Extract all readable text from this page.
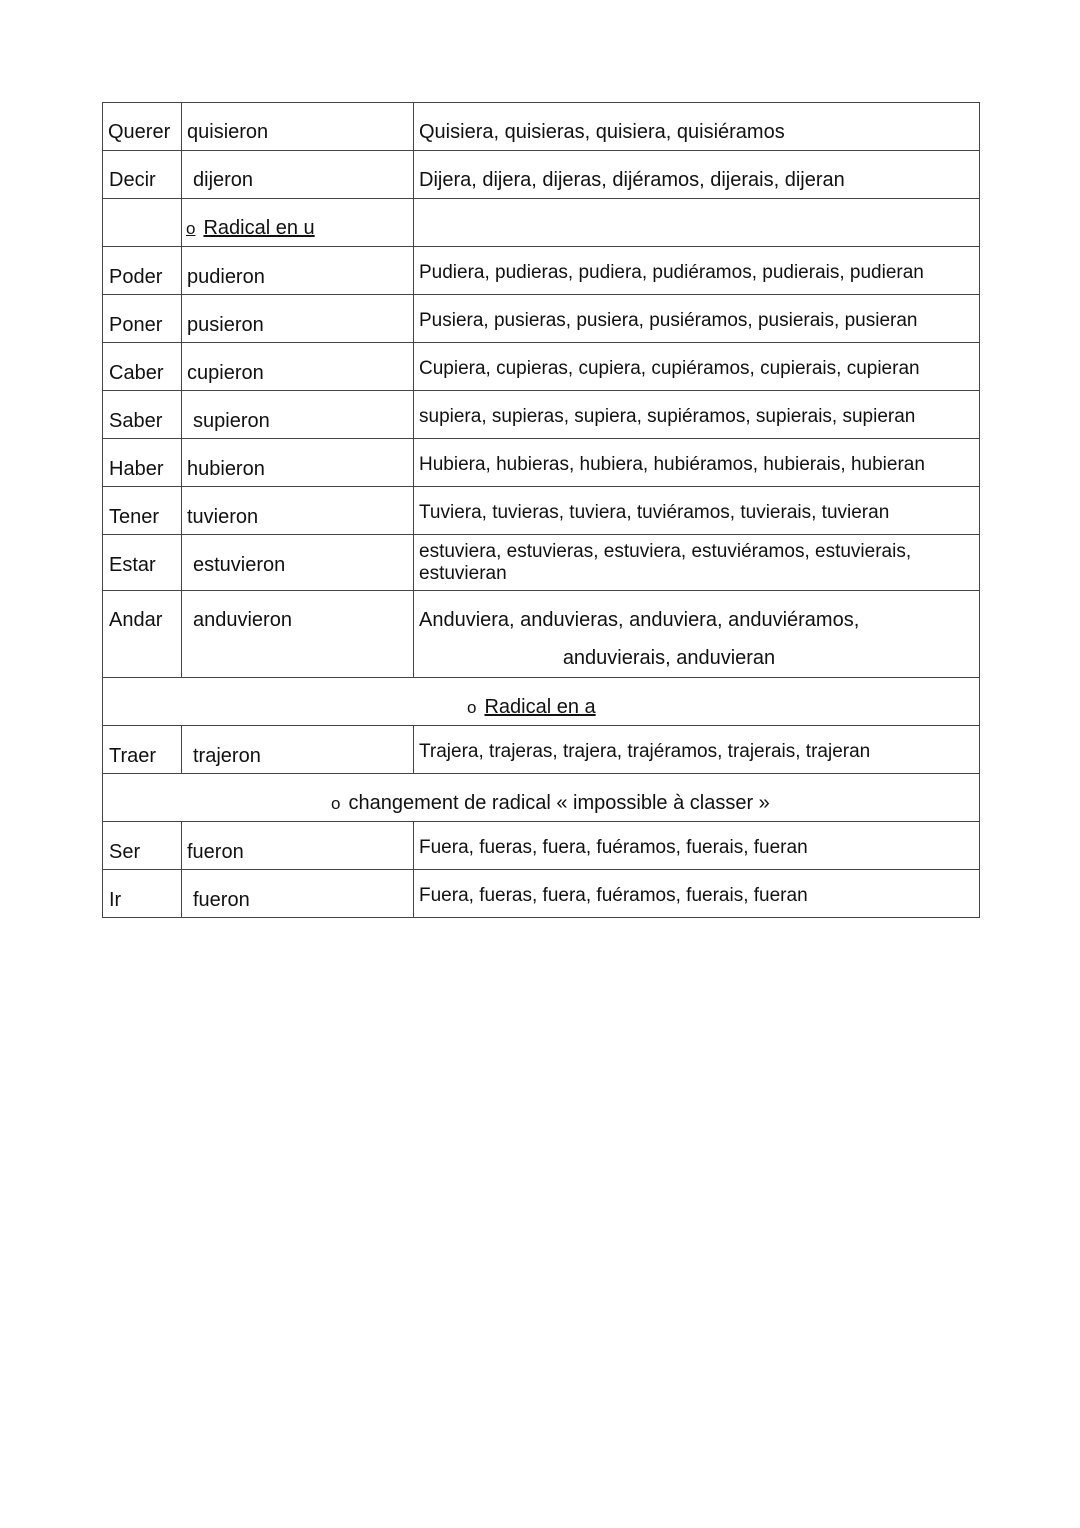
Querer	quisieron	Quisiera, quisieras, quisiera, quisiéramos
Decir	dijeron	Dijera, dijera, dijeras, dijéramos, dijerais, dijeran
	o Radical en u	
Poder	pudieron	Pudiera, pudieras, pudiera, pudiéramos, pudierais, pudieran
Poner	pusieron	Pusiera, pusieras, pusiera, pusiéramos, pusierais, pusieran
Caber	cupieron	Cupiera, cupieras, cupiera, cupiéramos, cupierais, cupieran
Saber	supieron	supiera, supieras, supiera, supiéramos, supierais, supieran
Haber	hubieron	Hubiera, hubieras, hubiera, hubiéramos, hubierais, hubieran
Tener	tuvieron	Tuviera, tuvieras, tuviera, tuviéramos, tuvierais, tuvieran
Estar	estuvieron	estuviera, estuvieras, estuviera, estuviéramos, estuvierais, estuvieran
Andar	anduvieron	Anduviera, anduvieras, anduviera, anduviéramos,
anduvierais, anduvieran

o Radical en a		
Traer	trajeron	Trajera, trajeras, trajera, trajéramos, trajerais, trajeran
o changement de radical « impossible à classer »		
Ser	fueron	Fuera, fueras, fuera, fuéramos, fuerais, fueran
Ir	fueron	Fuera, fueras, fuera, fuéramos, fuerais, fueran
